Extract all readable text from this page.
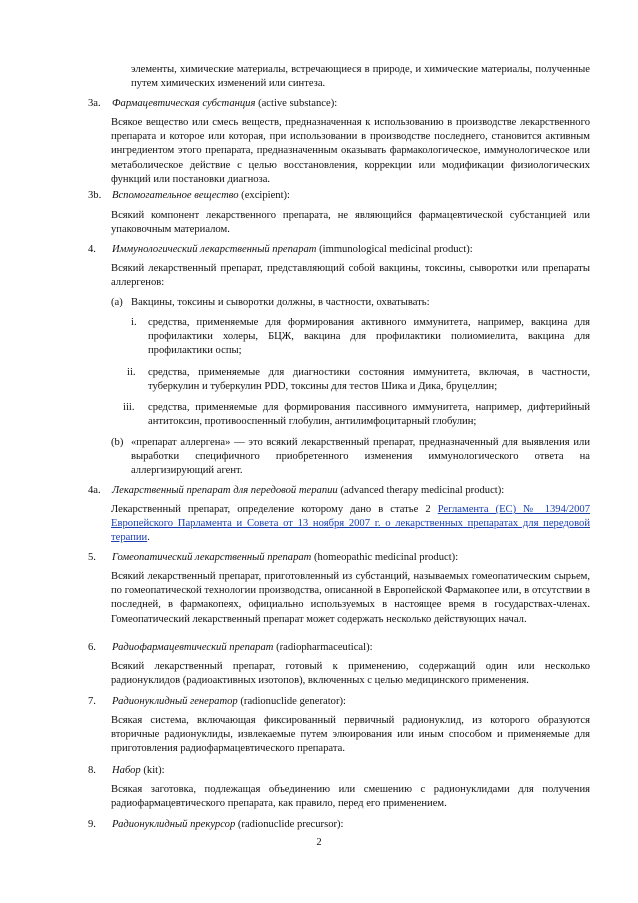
элементы, химические материалы, встречающиеся в природе, и химические материалы, полученные путем химических изменений или синтеза.
3a. Фармацевтическая субстанция (active substance):
Всякое вещество или смесь веществ, предназначенная к использованию в производстве лекарственного препарата и которое или которая, при использовании в производстве последнего, становится активным ингредиентом этого препарата, предназначенным оказывать фармакологическое, иммунологическое или метаболическое действие с целью восстановления, коррекции или модификации физиологических функций или постановки диагноза.
3b. Вспомогательное вещество (excipient):
Всякий компонент лекарственного препарата, не являющийся фармацевтической субстанцией или упаковочным материалом.
4. Иммунологический лекарственный препарат (immunological medicinal product):
Всякий лекарственный препарат, представляющий собой вакцины, токсины, сыворотки или препараты аллергенов:
(a) Вакцины, токсины и сыворотки должны, в частности, охватывать:
i. средства, применяемые для формирования активного иммунитета, например, вакцина для профилактики холеры, БЦЖ, вакцина для профилактики полиомиелита, вакцина для профилактики оспы;
ii. средства, применяемые для диагностики состояния иммунитета, включая, в частности, туберкулин и туберкулин PDD, токсины для тестов Шика и Дика, бруцеллин;
iii. средства, применяемые для формирования пассивного иммунитета, например, дифтерийный антитоксин, противооспенный глобулин, антилимфоцитарный глобулин;
(b) «препарат аллергена» — это всякий лекарственный препарат, предназначенный для выявления или выработки специфичного приобретенного изменения иммунологического ответа на аллергизирующий агент.
4a. Лекарственный препарат для передовой терапии (advanced therapy medicinal product):
Лекарственный препарат, определение которому дано в статье 2 Регламента (ЕС) № 1394/2007 Европейского Парламента и Совета от 13 ноября 2007 г. о лекарственных препаратах для передовой терапии.
5. Гомеопатический лекарственный препарат (homeopathic medicinal product):
Всякий лекарственный препарат, приготовленный из субстанций, называемых гомеопатическим сырьем, по гомеопатической технологии производства, описанной в Европейской Фармакопее или, в отсутствии в последней, в фармакопеях, официально используемых в настоящее время в государствах-членах. Гомеопатический лекарственный препарат может содержать несколько действующих начал.
6. Радиофармацевтический препарат (radiopharmaceutical):
Всякий лекарственный препарат, готовый к применению, содержащий один или несколько радионуклидов (радиоактивных изотопов), включенных с целью медицинского применения.
7. Радионуклидный генератор (radionuclide generator):
Всякая система, включающая фиксированный первичный радионуклид, из которого образуются вторичные радионуклиды, извлекаемые путем элюирования или иным способом и применяемые для приготовления радиофармацевтического препарата.
8. Набор (kit):
Всякая заготовка, подлежащая объединению или смешению с радионуклидами для получения радиофармацевтического препарата, как правило, перед его применением.
9. Радионуклидный прекурсор (radionuclide precursor):
2
